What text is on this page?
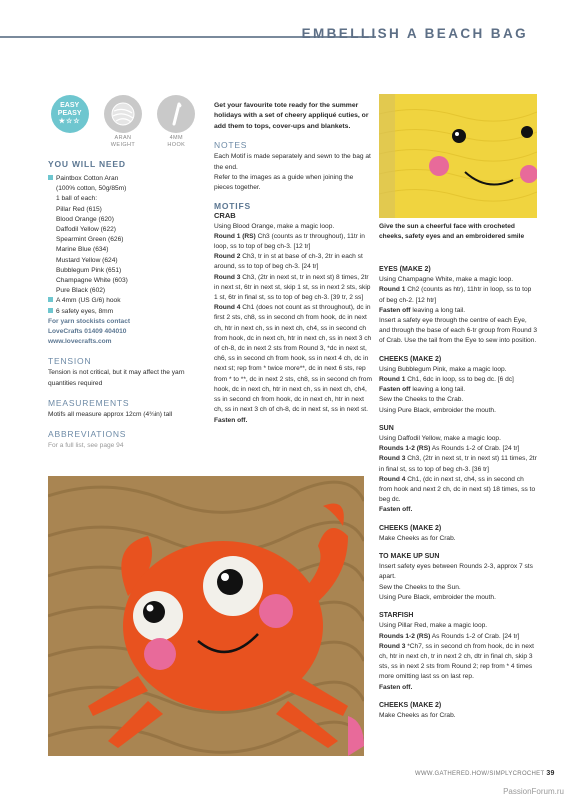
EMBELLISH A BEACH BAG
EASY
PEASY
★☆☆
ARAN
WEIGHT
4MM
HOOK
YOU WILL NEED
Paintbox Cotton Aran
(100% cotton, 50g/85m)
1 ball of each:
Pillar Red (615)
Blood Orange (620)
Daffodil Yellow (622)
Spearmint Green (626)
Marine Blue (634)
Mustard Yellow (624)
Bubblegum Pink (651)
Champagne White (603)
Pure Black (602)
A 4mm (US G/6) hook
6 safety eyes, 8mm
For yarn stockists contact
LoveCrafts 01409 404010
www.lovecrafts.com
TENSION
Tension is not critical, but it may affect the yarn quantities required
MEASUREMENTS
Motifs all measure approx 12cm (4¾in) tall
ABBREVIATIONS
For a full list, see page 94
Get your favourite tote ready for the summer holidays with a set of cheery appliqué cuties, or add them to tops, cover-ups and blankets.
NOTES
Each Motif is made separately and sewn to the bag at the end.
Refer to the images as a guide when joining the pieces together.
MOTIFS
CRAB
Using Blood Orange, make a magic loop.
Round 1 (RS) Ch3 (counts as tr throughout), 11tr in loop, ss to top of beg ch-3. [12 tr]
Round 2 Ch3, tr in st at base of ch-3, 2tr in each st around, ss to top of beg ch-3. [24 tr]
Round 3 Ch3, (2tr in next st, tr in next st) 8 times, 2tr in next st, 6tr in next st, skip 1 st, ss in next 2 sts, skip 1 st, 6tr in final st, ss to top of beg ch-3. [39 tr, 2 ss]
Round 4 Ch1 (does not count as st throughout), dc in first 2 sts, ch8, ss in second ch from hook, dc in next ch, htr in next ch, ss in next ch, ch4, ss in second ch from hook, dc in next ch, htr in next ch, ss in next 3 ch of ch-8, dc in next 2 sts from Round 3, *dc in next st, ch6, ss in second ch from hook, ss in next 4 ch, dc in next st; rep from * twice more**, dc in next 6 sts, rep from * to **, dc in next 2 sts, ch8, ss in second ch from hook, dc in next ch, htr in next ch, ss in next ch, ch4, ss in second ch from hook, dc in next ch, htr in next ch, ss in next 3 ch of ch-8, dc in next st, ss in next st.
Fasten off.
Give the sun a cheerful face with crocheted cheeks, safety eyes and an embroidered smile
EYES (MAKE 2)
Using Champagne White, make a magic loop.
Round 1 Ch2 (counts as htr), 11htr in loop, ss to top of beg ch-2. [12 htr]
Fasten off leaving a long tail.
Insert a safety eye through the centre of each Eye, and through the base of each 6-tr group from Round 3 of Crab. Use the tail from the Eye to sew into position.
CHEEKS (MAKE 2)
Using Bubblegum Pink, make a magic loop.
Round 1 Ch1, 6dc in loop, ss to beg dc. [6 dc]
Fasten off leaving a long tail.
Sew the Cheeks to the Crab.
Using Pure Black, embroider the mouth.
SUN
Using Daffodil Yellow, make a magic loop.
Rounds 1-2 (RS) As Rounds 1-2 of Crab. [24 tr]
Round 3 Ch3, (2tr in next st, tr in next st) 11 times, 2tr in final st, ss to top of beg ch-3. [36 tr]
Round 4 Ch1, (dc in next st, ch4, ss in second ch from hook and next 2 ch, dc in next st) 18 times, ss to beg dc.
Fasten off.
CHEEKS (MAKE 2)
Make Cheeks as for Crab.
TO MAKE UP SUN
Insert safety eyes between Rounds 2-3, approx 7 sts apart.
Sew the Cheeks to the Sun.
Using Pure Black, embroider the mouth.
STARFISH
Using Pillar Red, make a magic loop.
Rounds 1-2 (RS) As Rounds 1-2 of Crab. [24 tr]
Round 3 *Ch7, ss in second ch from hook, dc in next ch, htr in next ch, tr in next 2 ch, dtr in final ch, skip 3 sts, ss in next 2 sts from Round 2; rep from * 4 times more omitting last ss on last rep.
Fasten off.
CHEEKS (MAKE 2)
Make Cheeks as for Crab.
WWW.GATHERED.HOW/SIMPLYCROCHET 39
PassionForum.ru
